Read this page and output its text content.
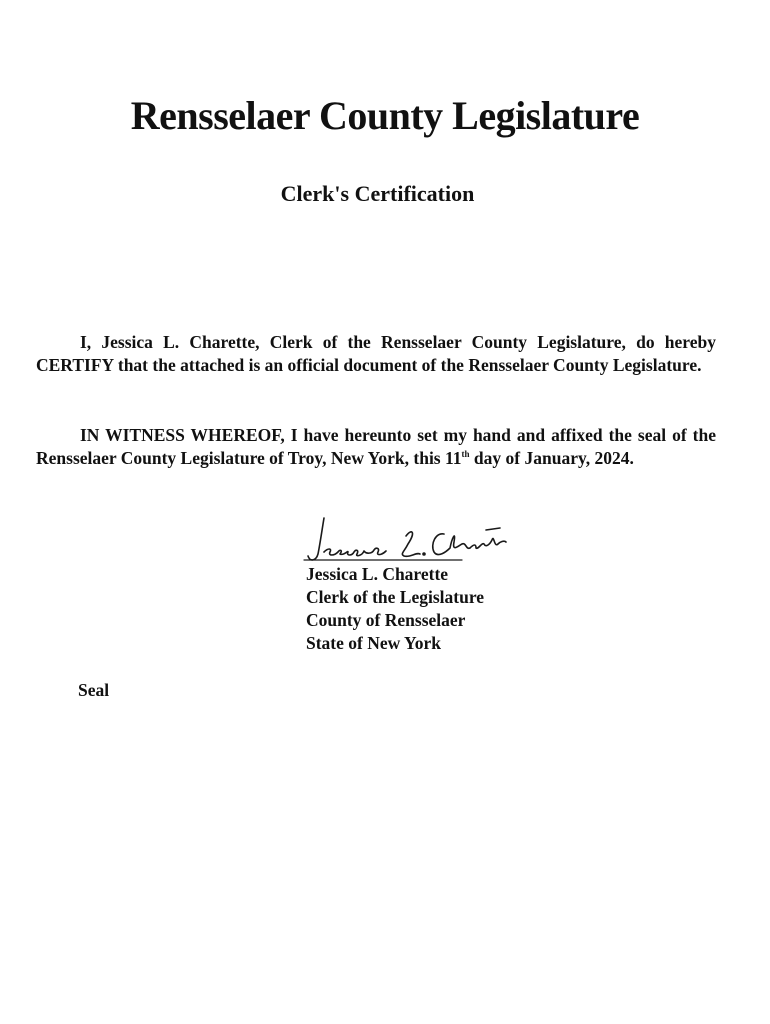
Rensselaer County Legislature
Clerk's Certification

I, Jessica L. Charette, Clerk of the Rensselaer County Legislature, do hereby CERTIFY that the attached is an official document of the Rensselaer County Legislature.

IN WITNESS WHEREOF, I have hereunto set my hand and affixed the seal of the Rensselaer County Legislature of Troy, New York, this 11th day of January, 2024.

Jessica L. Charette
Clerk of the Legislature
County of Rensselaer
State of New York
Seal
